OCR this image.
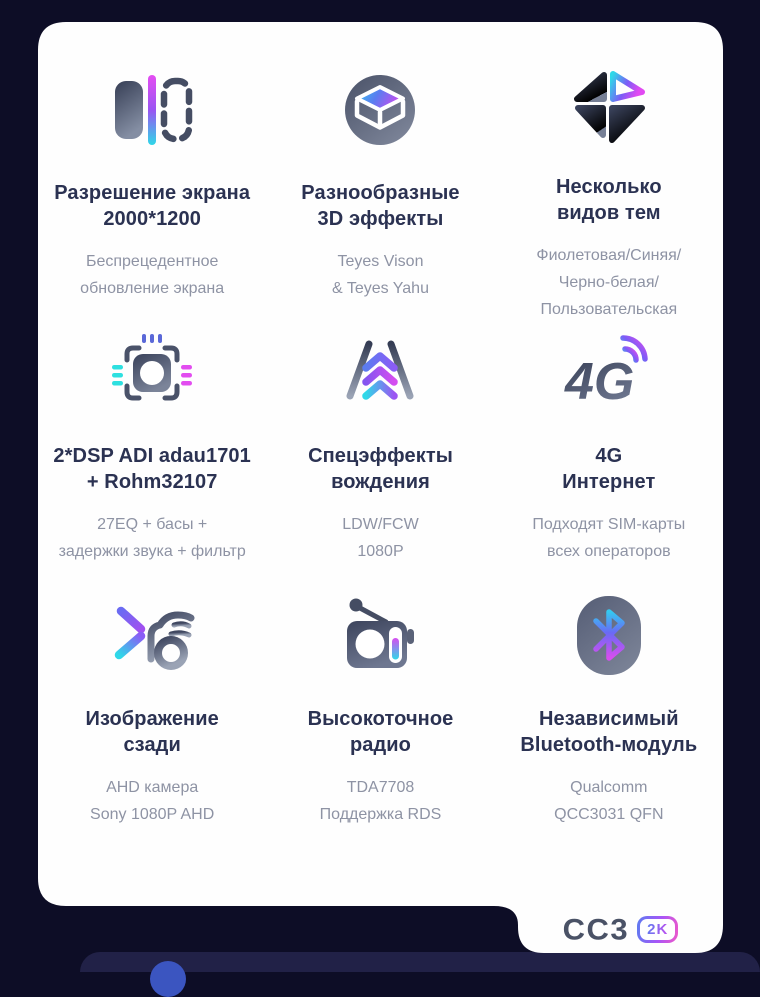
Разрешение экрана
2000*1200
Беспрецедентное
обновление экрана
Разнообразные
3D эффекты
Teyes Vison
& Teyes Yahu
Несколько
видов тем
Фиолетовая/Синяя/
Черно-белая/
Пользовательская
2*DSP ADI adau1701
+ Rohm32107
27EQ + басы +
задержки звука + фильтр
Спецэффекты
вождения
LDW/FCW
1080P
4G
4G
Интернет
Подходят SIM-карты
всех операторов
Изображение
сзади
AHD камера
Sony 1080P AHD
Высокоточное
радио
TDA7708
Поддержка RDS
Независимый
Bluetooth-модуль
Qualcomm
QCC3031 QFN
CC3 2K
